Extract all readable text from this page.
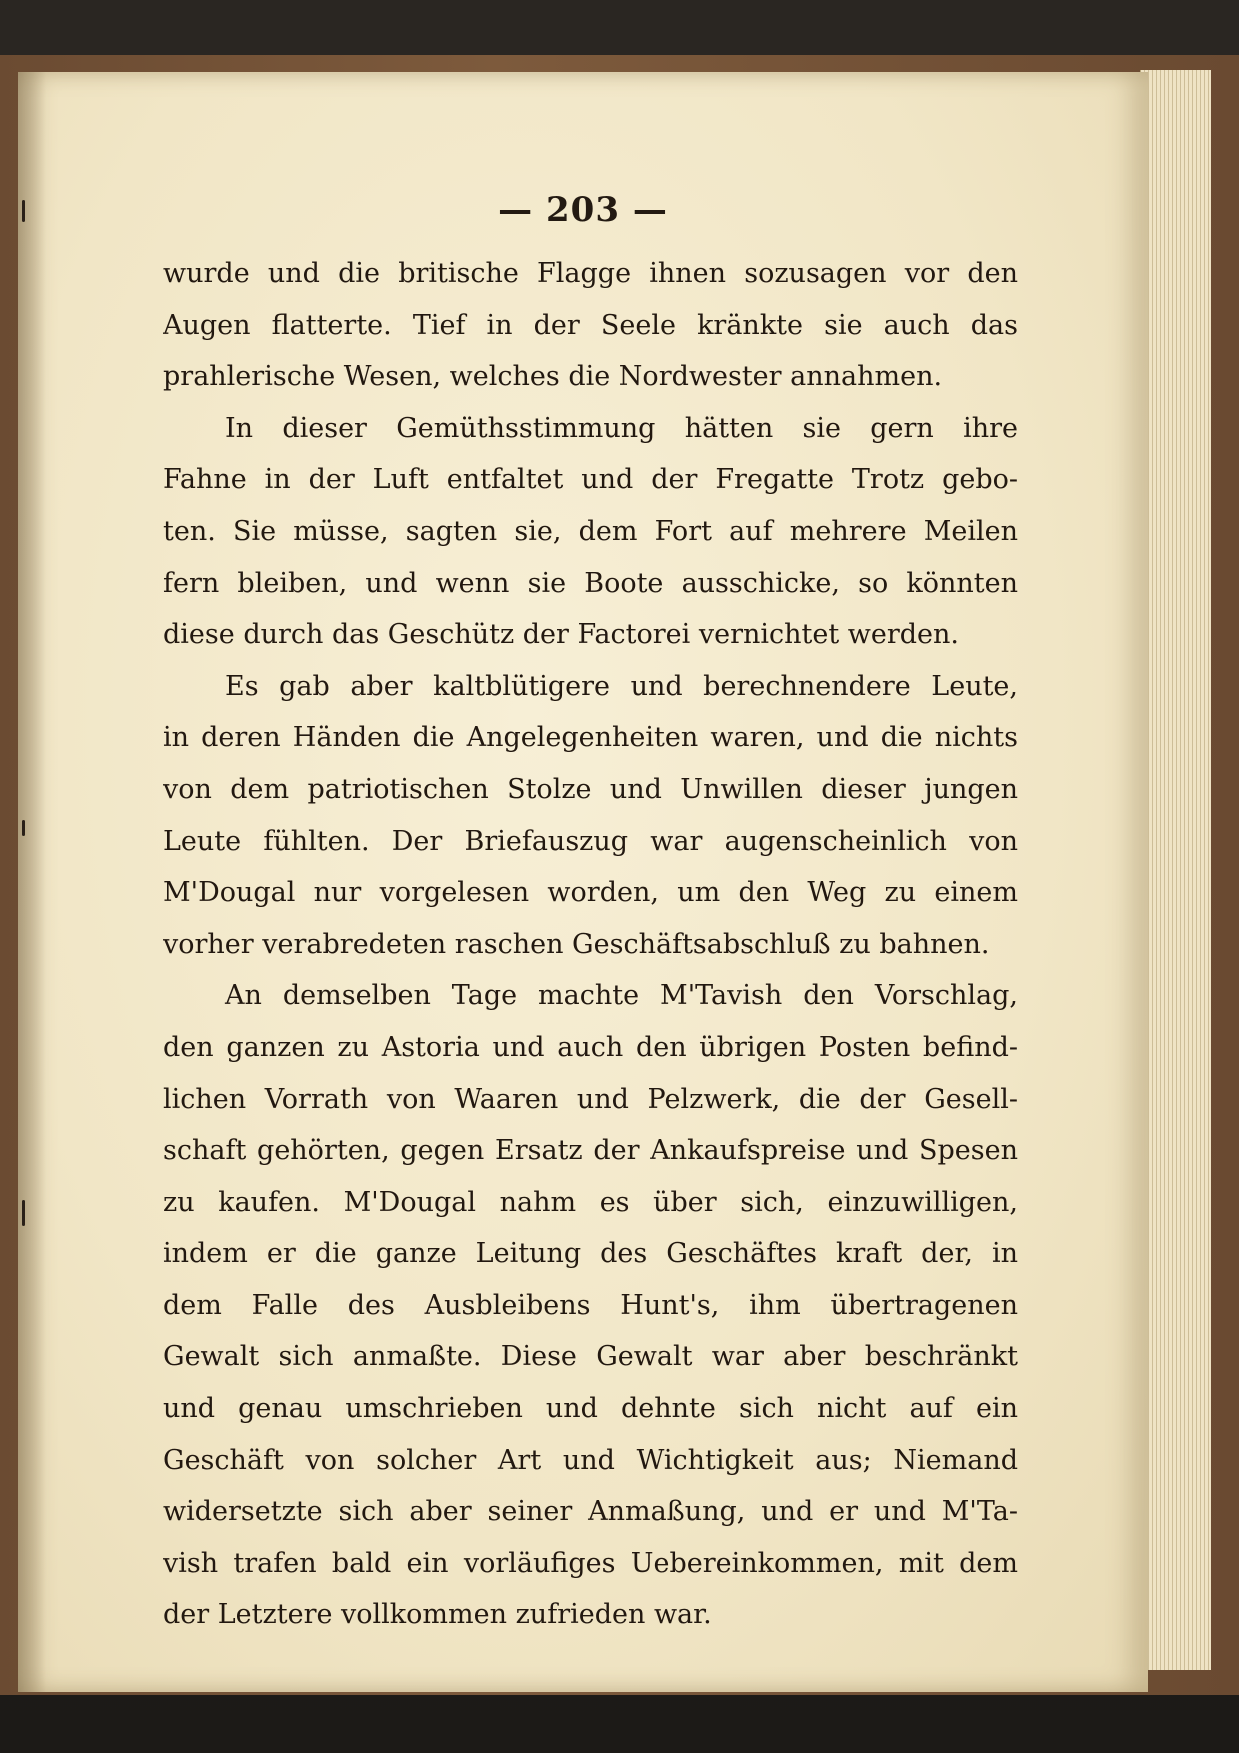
— 203 —
wurde und die britische Flagge ihnen sozusagen vor den
Augen flatterte. Tief in der Seele kränkte sie auch das
prahlerische Wesen, welches die Nordwester annahmen.
In dieser Gemüthsstimmung hätten sie gern ihre
Fahne in der Luft entfaltet und der Fregatte Trotz gebo-
ten. Sie müsse, sagten sie, dem Fort auf mehrere Meilen
fern bleiben, und wenn sie Boote ausschicke, so könnten
diese durch das Geschütz der Factorei vernichtet werden.
Es gab aber kaltblütigere und berechnendere Leute,
in deren Händen die Angelegenheiten waren, und die nichts
von dem patriotischen Stolze und Unwillen dieser jungen
Leute fühlten. Der Briefauszug war augenscheinlich von
M'Dougal nur vorgelesen worden, um den Weg zu einem
vorher verabredeten raschen Geschäftsabschluß zu bahnen.
An demselben Tage machte M'Tavish den Vorschlag,
den ganzen zu Astoria und auch den übrigen Posten befind-
lichen Vorrath von Waaren und Pelzwerk, die der Gesell-
schaft gehörten, gegen Ersatz der Ankaufspreise und Spesen
zu kaufen. M'Dougal nahm es über sich, einzuwilligen,
indem er die ganze Leitung des Geschäftes kraft der, in
dem Falle des Ausbleibens Hunt's, ihm übertragenen
Gewalt sich anmaßte. Diese Gewalt war aber beschränkt
und genau umschrieben und dehnte sich nicht auf ein
Geschäft von solcher Art und Wichtigkeit aus; Niemand
widersetzte sich aber seiner Anmaßung, und er und M'Ta-
vish trafen bald ein vorläufiges Uebereinkommen, mit dem
der Letztere vollkommen zufrieden war.
